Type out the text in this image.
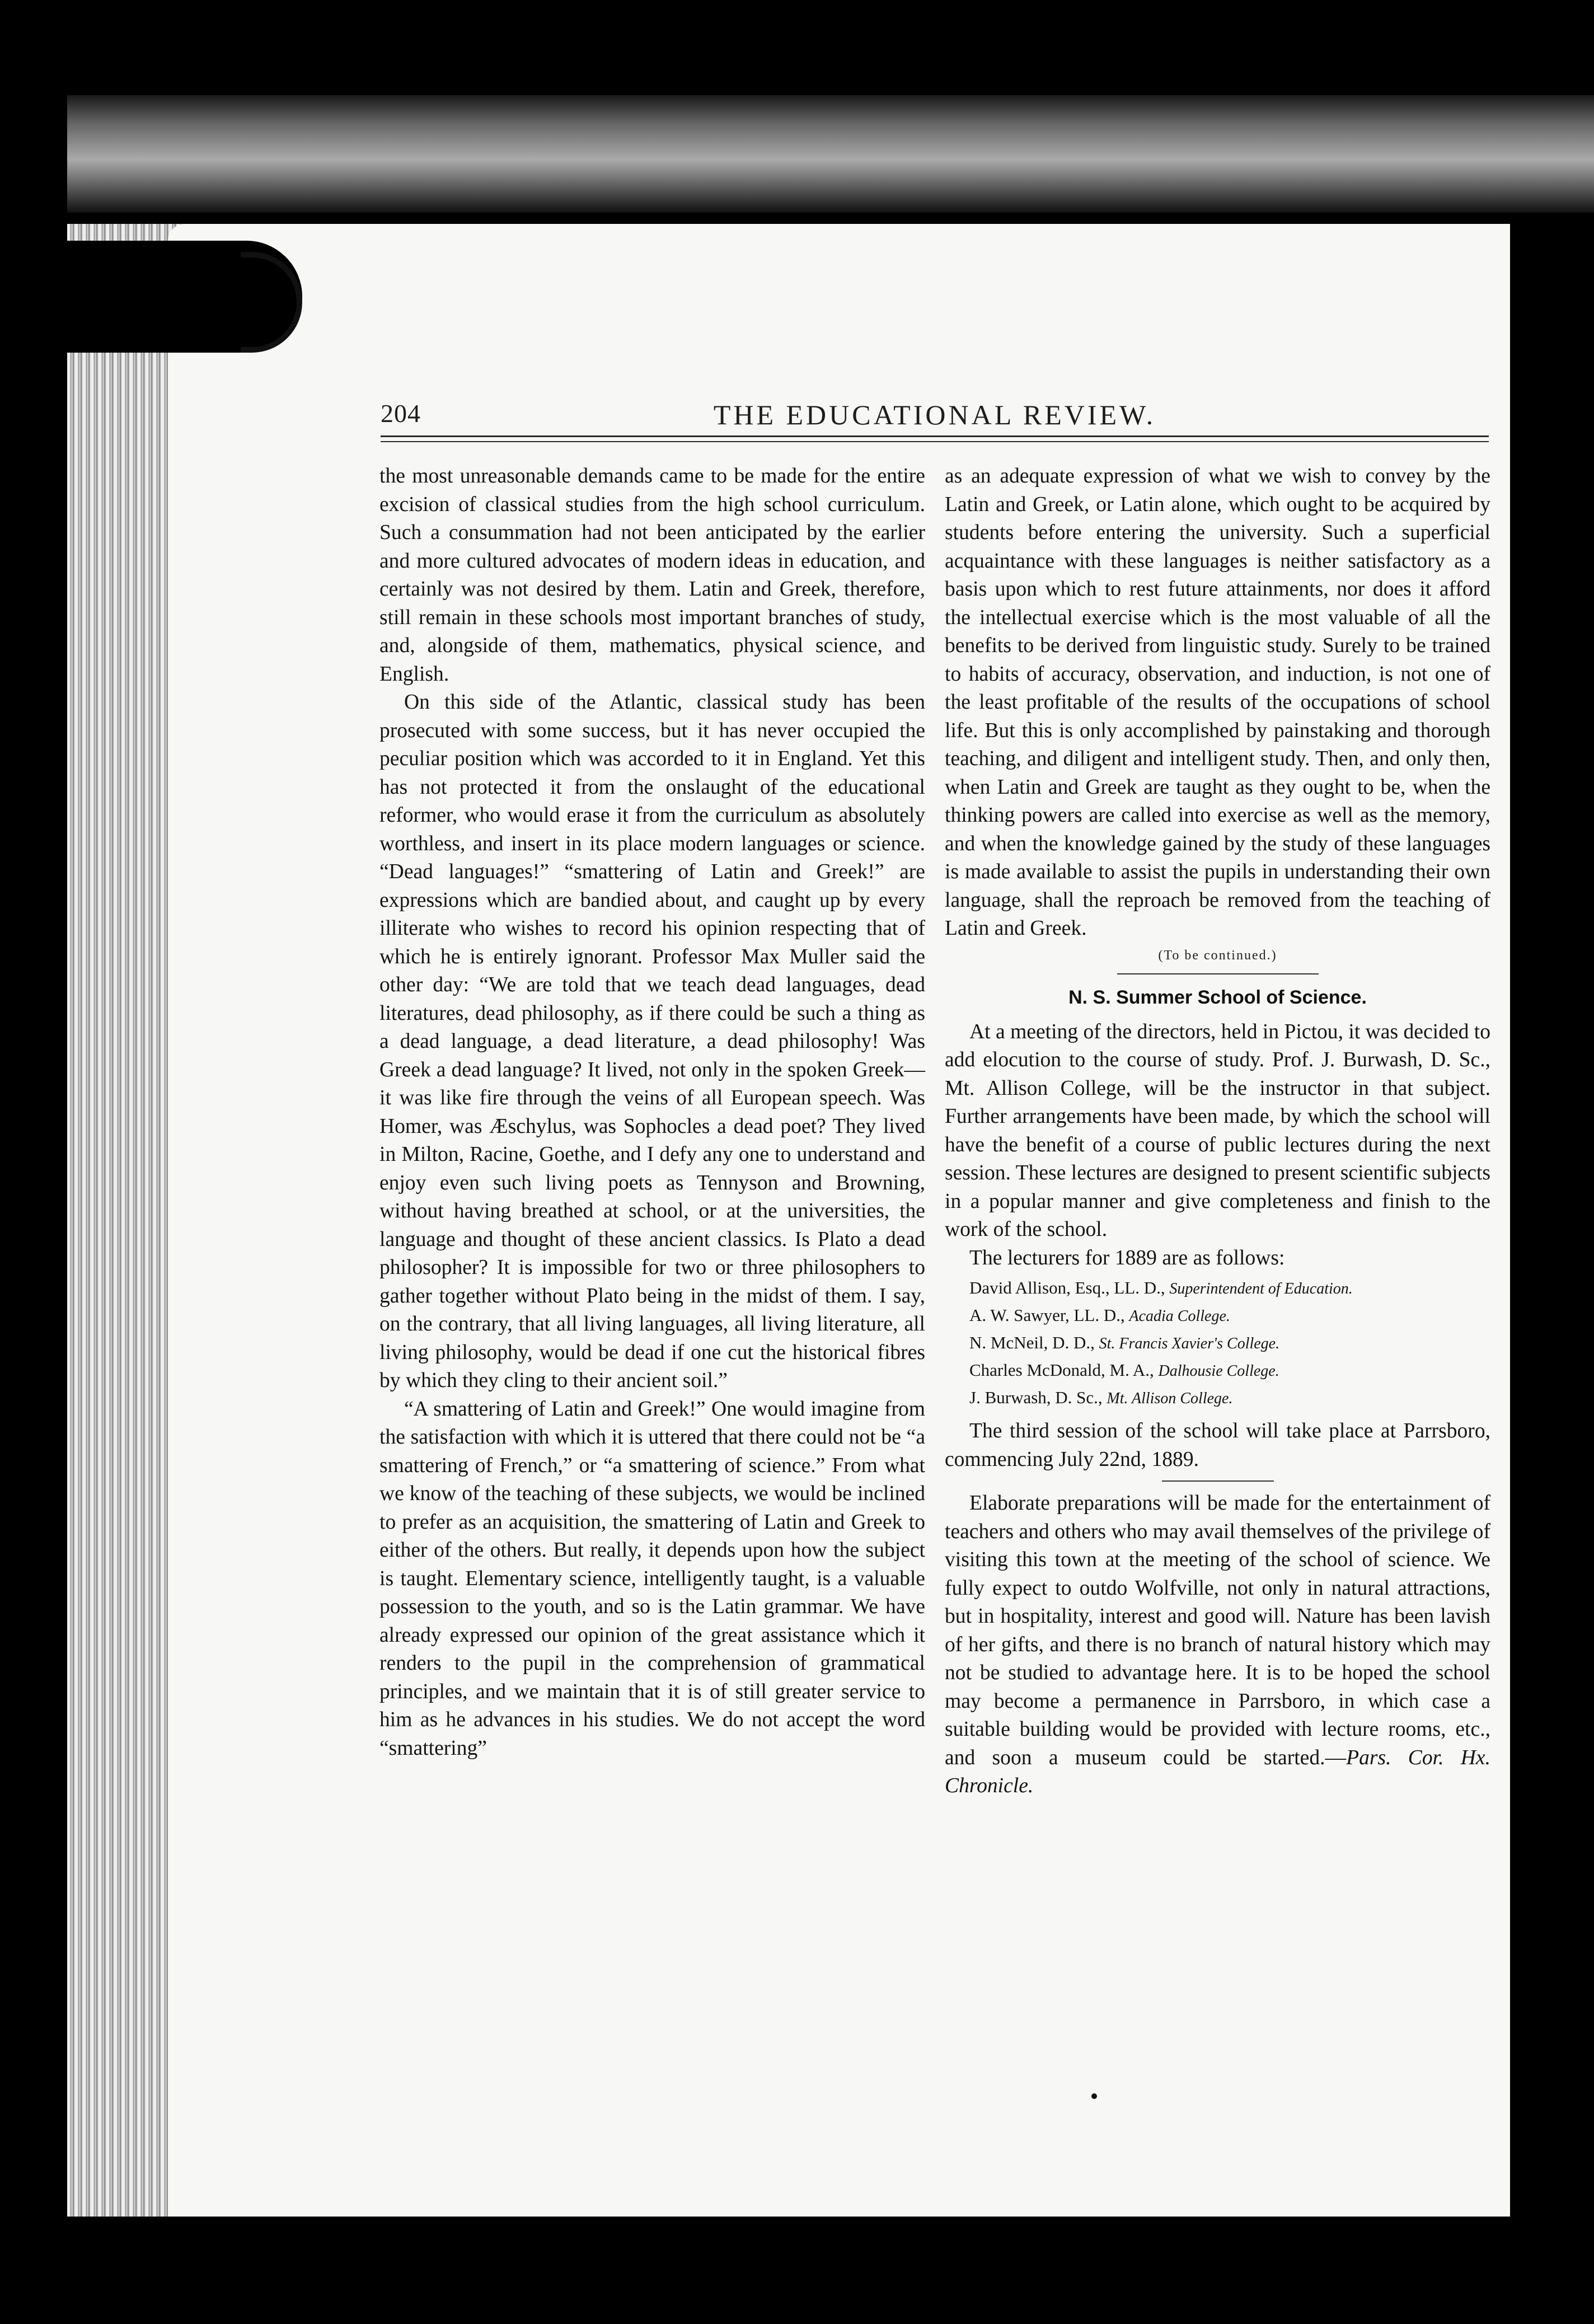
204	THE EDUCATIONAL REVIEW.

the most unreasonable demands came to be made for the entire excision of classical studies from the high school curriculum. Such a consummation had not been anticipated by the earlier and more cultured advocates of modern ideas in education, and certainly was not desired by them. Latin and Greek, therefore, still remain in these schools most important branches of study, and, alongside of them, mathematics, physical science, and English.

On this side of the Atlantic, classical study has been prosecuted with some success, but it has never occupied the peculiar position which was accorded to it in England. Yet this has not protected it from the onslaught of the educational reformer, who would erase it from the curriculum as absolutely worthless, and insert in its place modern languages or science. “Dead languages!” “smattering of Latin and Greek!” are expressions which are bandied about, and caught up by every illiterate who wishes to record his opinion respecting that of which he is entirely ignorant. Professor Max Muller said the other day: “We are told that we teach dead languages, dead literatures, dead philosophy, as if there could be such a thing as a dead language, a dead literature, a dead philosophy! Was Greek a dead language? It lived, not only in the spoken Greek—it was like fire through the veins of all European speech. Was Homer, was Æschylus, was Sophocles a dead poet? They lived in Milton, Racine, Goethe, and I defy any one to understand and enjoy even such living poets as Tennyson and Browning, without having breathed at school, or at the universities, the language and thought of these ancient classics. Is Plato a dead philosopher? It is impossible for two or three philosophers to gather together without Plato being in the midst of them. I say, on the contrary, that all living languages, all living literature, all living philosophy, would be dead if one cut the historical fibres by which they cling to their ancient soil.”

“A smattering of Latin and Greek!” One would imagine from the satisfaction with which it is uttered that there could not be “a smattering of French,” or “a smattering of science.” From what we know of the teaching of these subjects, we would be inclined to prefer as an acquisition, the smattering of Latin and Greek to either of the others. But really, it depends upon how the subject is taught. Elementary science, intelligently taught, is a valuable possession to the youth, and so is the Latin grammar. We have already expressed our opinion of the great assistance which it renders to the pupil in the comprehension of grammatical principles, and we maintain that it is of still greater service to him as he advances in his studies. We do not accept the word “smattering”

as an adequate expression of what we wish to convey by the Latin and Greek, or Latin alone, which ought to be acquired by students before entering the university. Such a superficial acquaintance with these languages is neither satisfactory as a basis upon which to rest future attainments, nor does it afford the intellectual exercise which is the most valuable of all the benefits to be derived from linguistic study. Surely to be trained to habits of accuracy, observation, and induction, is not one of the least profitable of the results of the occupations of school life. But this is only accomplished by painstaking and thorough teaching, and diligent and intelligent study. Then, and only then, when Latin and Greek are taught as they ought to be, when the thinking powers are called into exercise as well as the memory, and when the knowledge gained by the study of these languages is made available to assist the pupils in understanding their own language, shall the reproach be removed from the teaching of Latin and Greek.

(To be continued.)
N. S. Summer School of Science.

At a meeting of the directors, held in Pictou, it was decided to add elocution to the course of study. Prof. J. Burwash, D. Sc., Mt. Allison College, will be the instructor in that subject. Further arrangements have been made, by which the school will have the benefit of a course of public lectures during the next session. These lectures are designed to present scientific subjects in a popular manner and give completeness and finish to the work of the school.

The lecturers for 1889 are as follows:

David Allison, Esq., LL. D., Superintendent of Education.
A. W. Sawyer, LL. D., Acadia College.
N. McNeil, D. D., St. Francis Xavier's College.
Charles McDonald, M. A., Dalhousie College.
J. Burwash, D. Sc., Mt. Allison College.

The third session of the school will take place at Parrsboro, commencing July 22nd, 1889.

Elaborate preparations will be made for the entertainment of teachers and others who may avail themselves of the privilege of visiting this town at the meeting of the school of science. We fully expect to outdo Wolfville, not only in natural attractions, but in hospitality, interest and good will. Nature has been lavish of her gifts, and there is no branch of natural history which may not be studied to advantage here. It is to be hoped the school may become a permanence in Parrsboro, in which case a suitable building would be provided with lecture rooms, etc., and soon a museum could be started.—Pars. Cor. Hx. Chronicle.
